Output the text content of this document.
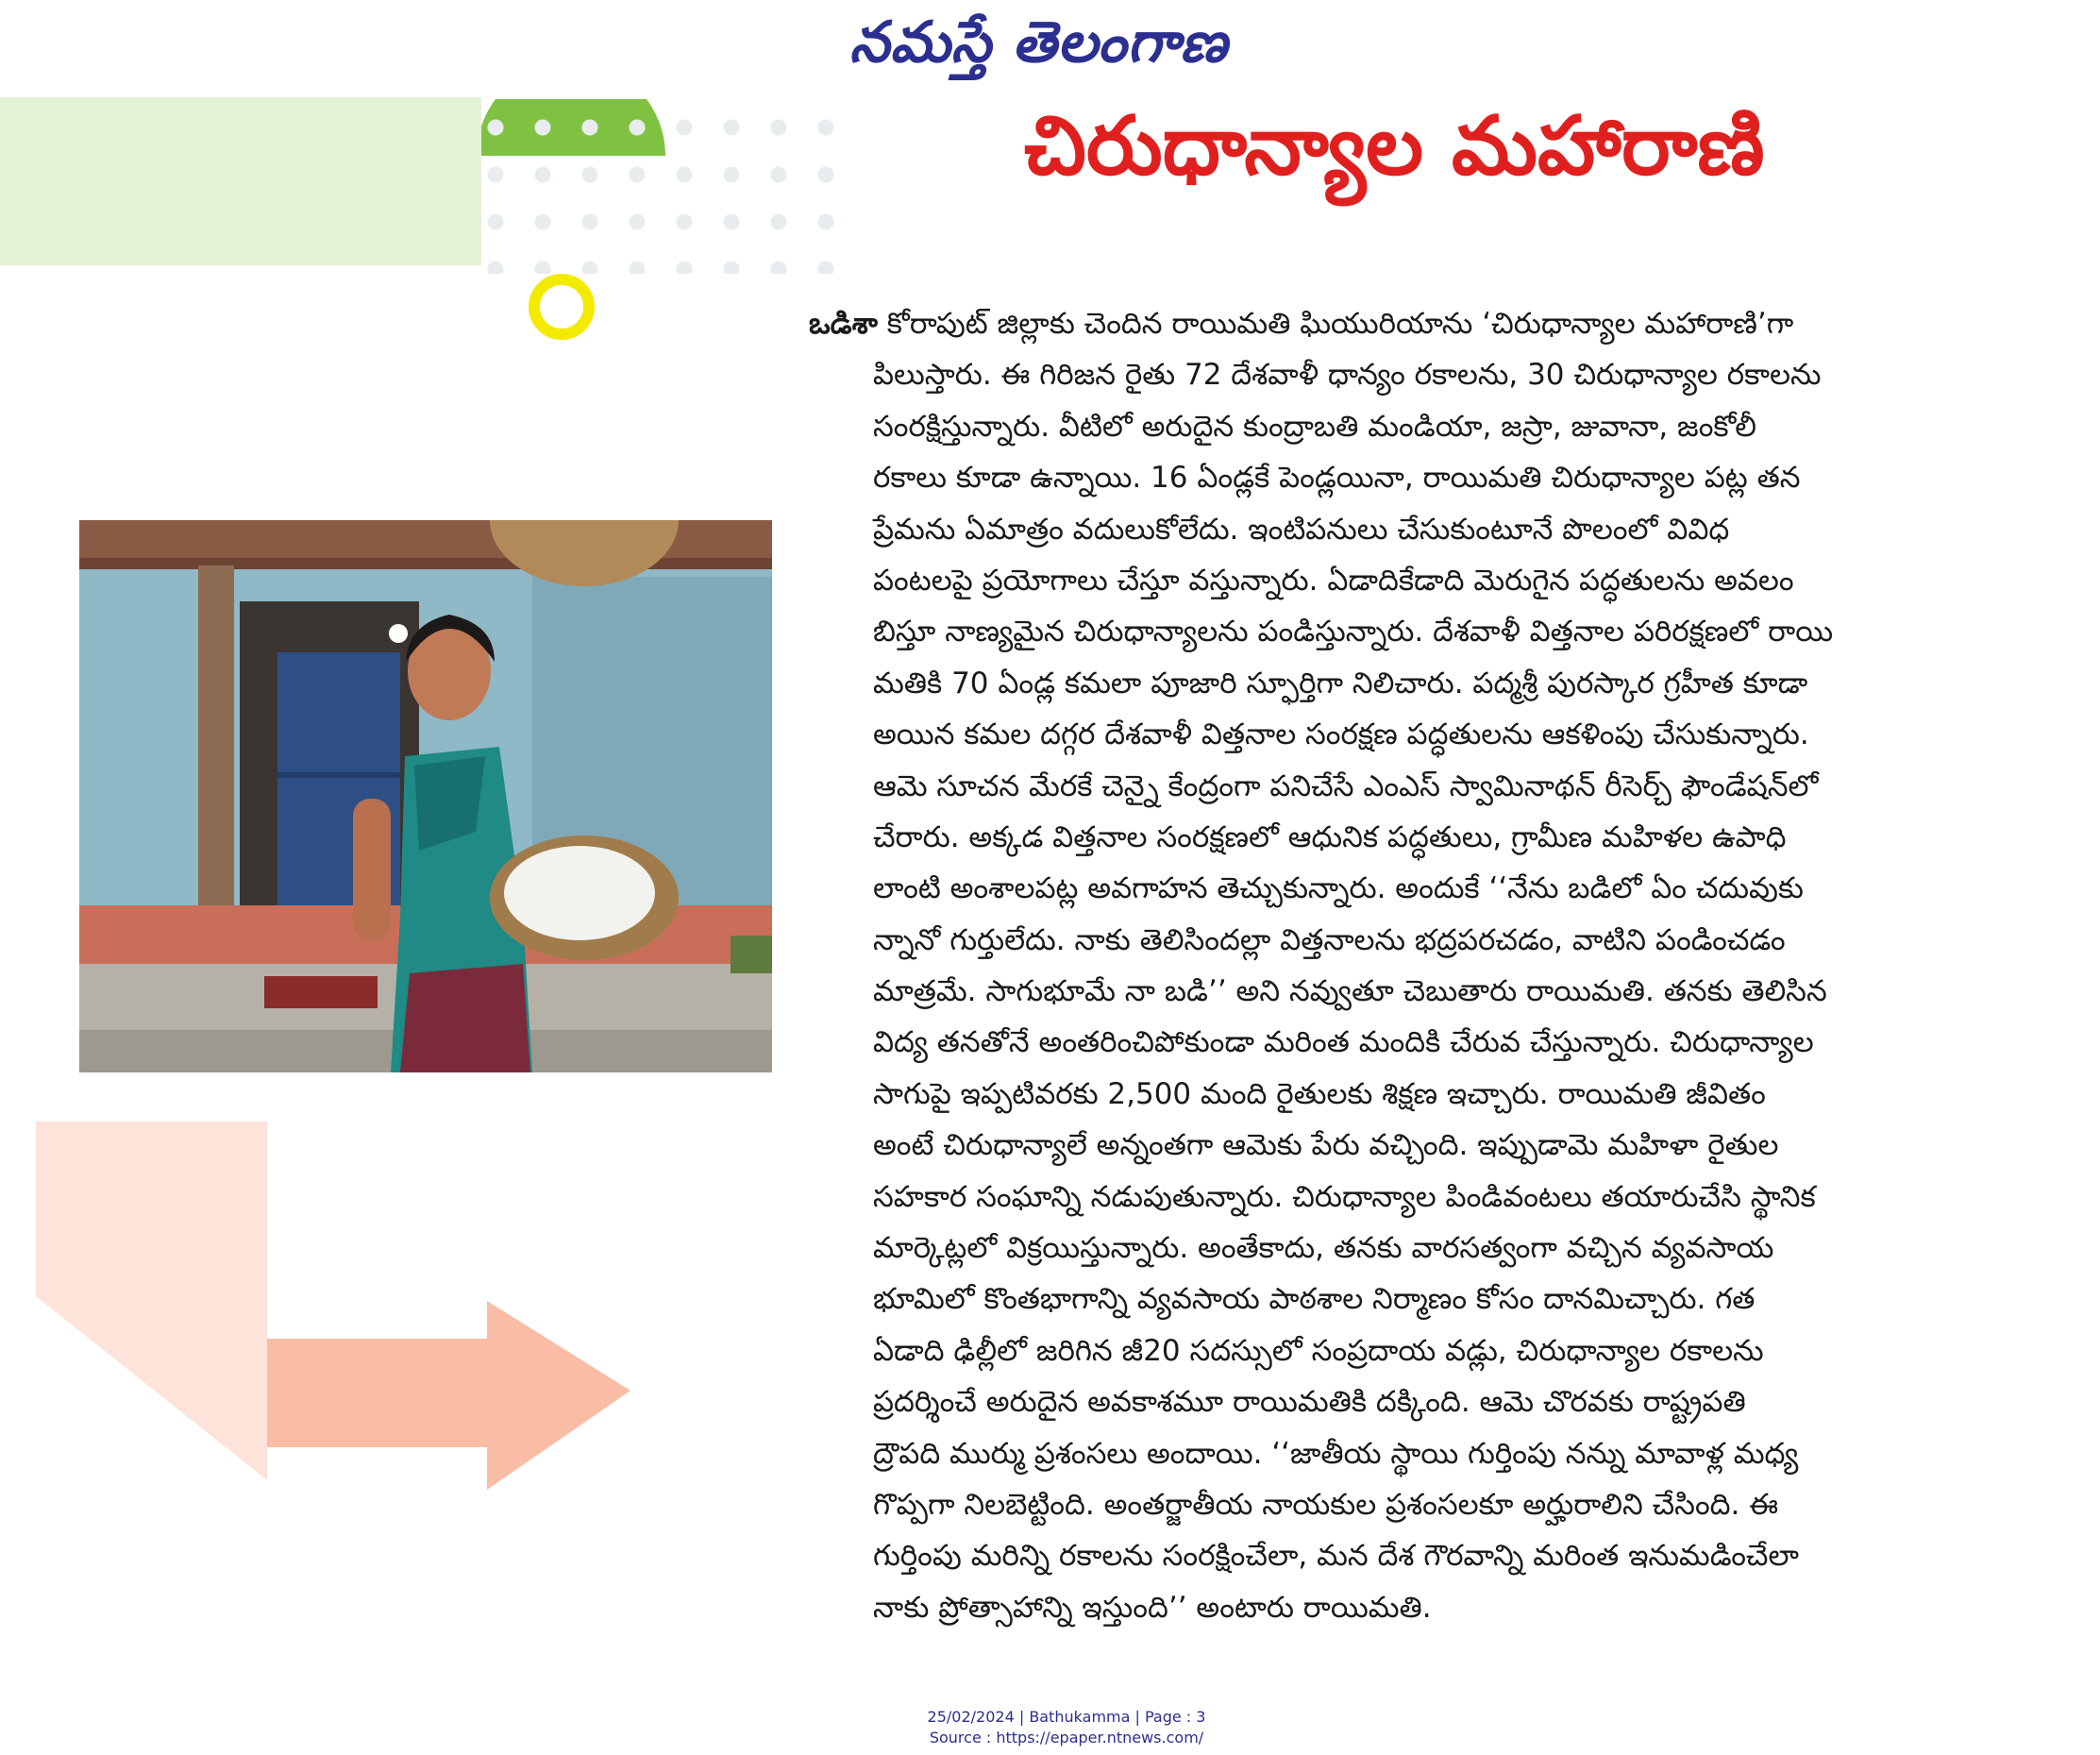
నమస్తే తెలంగాణ
చిరుధాన్యాల మహారాణి
ఒడిశా కోరాపుట్ జిల్లాకు చెందిన రాయిమతి ఘియురియాను ‘చిరుధాన్యాల మహారాణి’గా
పిలుస్తారు. ఈ గిరిజన రైతు 72 దేశవాళీ ధాన్యం రకాలను, 30 చిరుధాన్యాల రకాలను
సంరక్షిస్తున్నారు. వీటిలో అరుదైన కుంద్రాబతి మండియా, జస్రా, జువానా, జంకోలీ
రకాలు కూడా ఉన్నాయి. 16 ఏండ్లకే పెండ్లయినా, రాయిమతి చిరుధాన్యాల పట్ల తన
ప్రేమను ఏమాత్రం వదులుకోలేదు. ఇంటిపనులు చేసుకుంటూనే పొలంలో వివిధ
పంటలపై ప్రయోగాలు చేస్తూ వస్తున్నారు. ఏడాదికేడాది మెరుగైన పద్ధతులను అవలం
బిస్తూ నాణ్యమైన చిరుధాన్యాలను పండిస్తున్నారు. దేశవాళీ విత్తనాల పరిరక్షణలో రాయి
మతికి 70 ఏండ్ల కమలా పూజారి స్ఫూర్తిగా నిలిచారు. పద్మశ్రీ పురస్కార గ్రహీత కూడా
అయిన కమల దగ్గర దేశవాళీ విత్తనాల సంరక్షణ పద్ధతులను ఆకళింపు చేసుకున్నారు.
ఆమె సూచన మేరకే చెన్నై కేంద్రంగా పనిచేసే ఎంఎస్ స్వామినాథన్ రీసెర్చ్ ఫౌండేషన్‌లో
చేరారు. అక్కడ విత్తనాల సంరక్షణలో ఆధునిక పద్ధతులు, గ్రామీణ మహిళల ఉపాధి
లాంటి అంశాలపట్ల అవగాహన తెచ్చుకున్నారు. అందుకే ‘‘నేను బడిలో ఏం చదువుకు
న్నానో గుర్తులేదు. నాకు తెలిసిందల్లా విత్తనాలను భద్రపరచడం, వాటిని పండించడం
మాత్రమే. సాగుభూమే నా బడి’’ అని నవ్వుతూ చెబుతారు రాయిమతి. తనకు తెలిసిన
విద్య తనతోనే అంతరించిపోకుండా మరింత మందికి చేరువ చేస్తున్నారు. చిరుధాన్యాల
సాగుపై ఇప్పటివరకు 2,500 మంది రైతులకు శిక్షణ ఇచ్చారు. రాయిమతి జీవితం
అంటే చిరుధాన్యాలే అన్నంతగా ఆమెకు పేరు వచ్చింది. ఇప్పుడామె మహిళా రైతుల
సహకార సంఘాన్ని నడుపుతున్నారు. చిరుధాన్యాల పిండివంటలు తయారుచేసి స్థానిక
మార్కెట్లలో విక్రయిస్తున్నారు. అంతేకాదు, తనకు వారసత్వంగా వచ్చిన వ్యవసాయ
భూమిలో కొంతభాగాన్ని వ్యవసాయ పాఠశాల నిర్మాణం కోసం దానమిచ్చారు. గత
ఏడాది ఢిల్లీలో జరిగిన జీ20 సదస్సులో సంప్రదాయ వడ్లు, చిరుధాన్యాల రకాలను
ప్రదర్శించే అరుదైన అవకాశమూ రాయిమతికి దక్కింది. ఆమె చొరవకు రాష్ట్రపతి
ద్రౌపది ముర్ము ప్రశంసలు అందాయి. ‘‘జాతీయ స్థాయి గుర్తింపు నన్ను మావాళ్ల మధ్య
గొప్పగా నిలబెట్టింది. అంతర్జాతీయ నాయకుల ప్రశంసలకూ అర్హురాలిని చేసింది. ఈ
గుర్తింపు మరిన్ని రకాలను సంరక్షించేలా, మన దేశ గౌరవాన్ని మరింత ఇనుమడించేలా
నాకు ప్రోత్సాహాన్ని ఇస్తుంది’’ అంటారు రాయిమతి.
25/02/2024 | Bathukamma | Page : 3
Source : https://epaper.ntnews.com/
